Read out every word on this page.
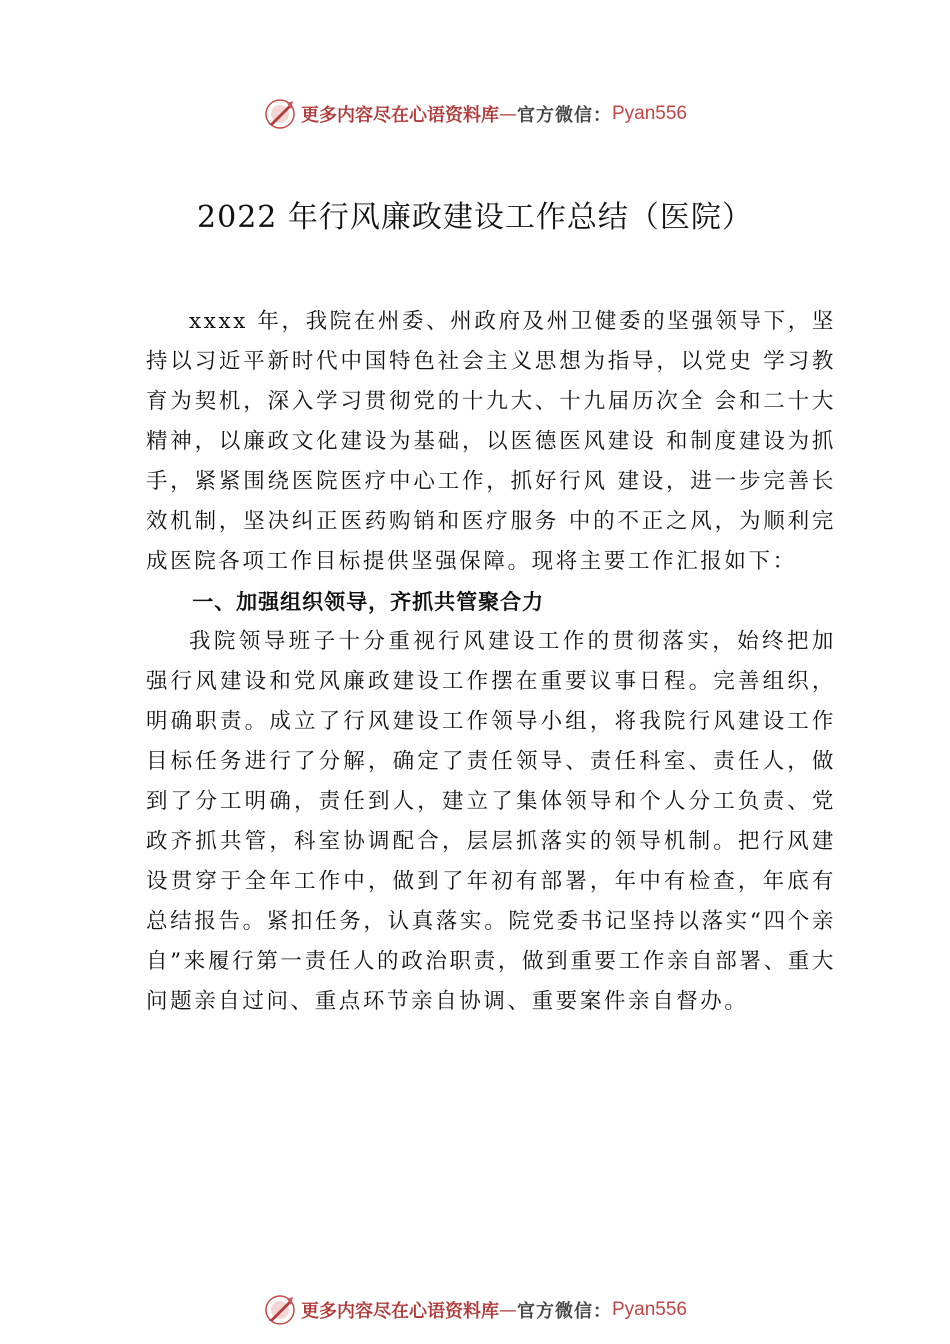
更多内容尽在心语资料库 — 官方微信： Pyan556
2022 年行风廉政建设工作总结（医院）

xxxx 年，我院在州委、州政府及州卫健委的坚强领导下，坚持以习近平新时代中国特色社会主义思想为指导，以党史 学习教育为契机，深入学习贯彻党的十九大、十九届历次全 会和二十大精神，以廉政文化建设为基础，以医德医风建设 和制度建设为抓手，紧紧围绕医院医疗中心工作，抓好行风 建设，进一步完善长效机制，坚决纠正医药购销和医疗服务 中的不正之风，为顺利完成医院各项工作目标提供坚强保障。现将主要工作汇报如下：

一、加强组织领导，齐抓共管聚合力

我院领导班子十分重视行风建设工作的贯彻落实，始终把加强行风建设和党风廉政建设工作摆在重要议事日程。完善组织，明确职责。成立了行风建设工作领导小组，将我院行风建设工作目标任务进行了分解，确定了责任领导、责任科室、责任人，做到了分工明确，责任到人，建立了集体领导和个人分工负责、党政齐抓共管，科室协调配合，层层抓落实的领导机制。把行风建设贯穿于全年工作中，做到了年初有部署，年中有检查，年底有总结报告。紧扣任务，认真落实。院党委书记坚持以落实“四个亲自”来履行第一责任人的政治职责，做到重要工作亲自部署、重大问题亲自过问、重点环节亲自协调、重要案件亲自督办。

更多内容尽在心语资料库 — 官方微信： Pyan556
